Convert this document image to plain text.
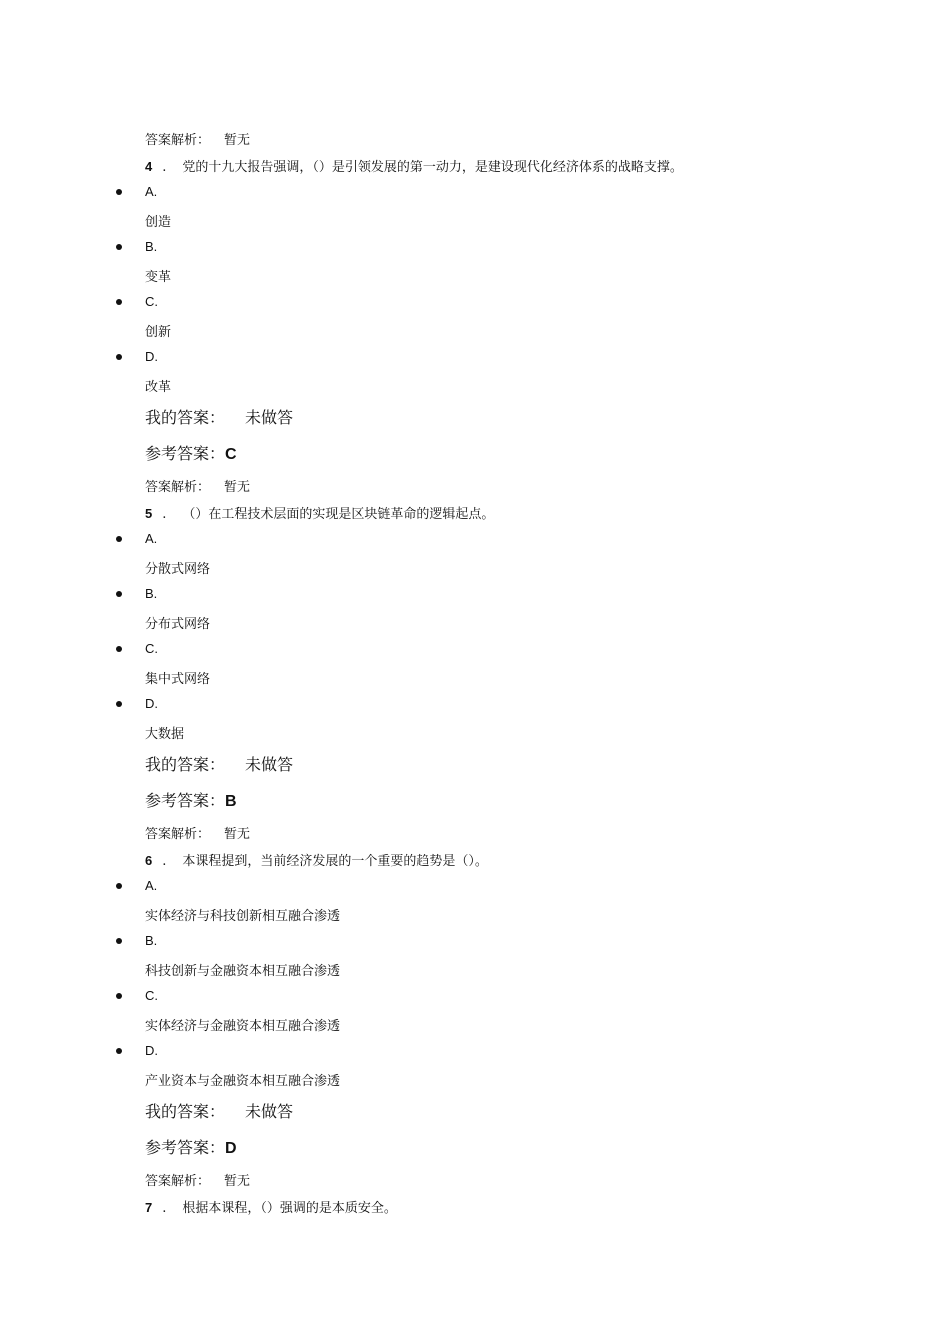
答案解析： 暂无
4 . 党的十九大报告强调，（）是引领发展的第一动力，是建设现代化经济体系的战略支撑。
A.
创造
B.
变革
C.
创新
D.
改革
我的答案： 未做答
参考答案：C
答案解析： 暂无
5 . （）在工程技术层面的实现是区块链革命的逻辑起点。
A.
分散式网络
B.
分布式网络
C.
集中式网络
D.
大数据
我的答案： 未做答
参考答案：B
答案解析： 暂无
6 . 本课程提到，当前经济发展的一个重要的趋势是（）。
A.
实体经济与科技创新相互融合渗透
B.
科技创新与金融资本相互融合渗透
C.
实体经济与金融资本相互融合渗透
D.
产业资本与金融资本相互融合渗透
我的答案： 未做答
参考答案：D
答案解析： 暂无
7 . 根据本课程，（）强调的是本质安全。
